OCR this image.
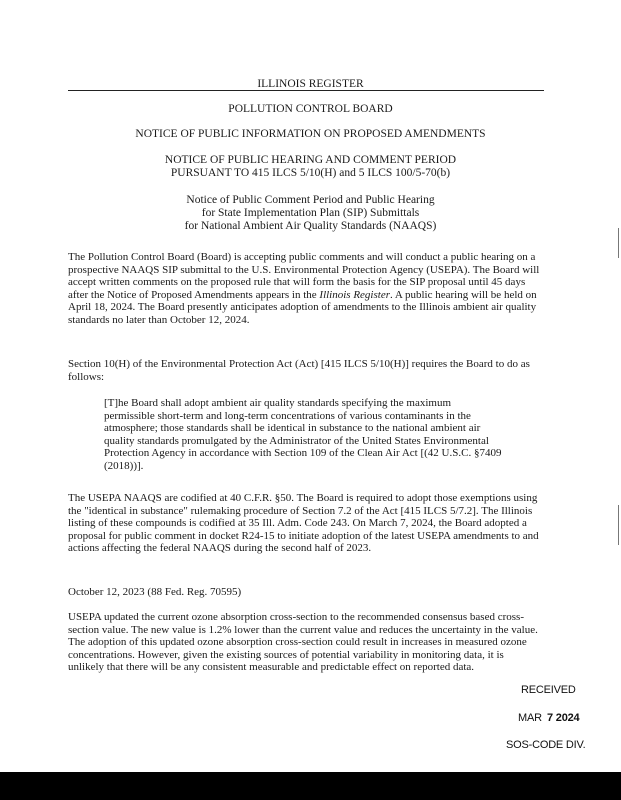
ILLINOIS REGISTER
POLLUTION CONTROL BOARD
NOTICE OF PUBLIC INFORMATION ON PROPOSED AMENDMENTS
NOTICE OF PUBLIC HEARING AND COMMENT PERIOD
PURSUANT TO 415 ILCS 5/10(H) and 5 ILCS 100/5-70(b)
Notice of Public Comment Period and Public Hearing
for State Implementation Plan (SIP) Submittals
for National Ambient Air Quality Standards (NAAQS)

The Pollution Control Board (Board) is accepting public comments and will conduct a public hearing on a prospective NAAQS SIP submittal to the U.S. Environmental Protection Agency (USEPA). The Board will accept written comments on the proposed rule that will form the basis for the SIP proposal until 45 days after the Notice of Proposed Amendments appears in the Illinois Register. A public hearing will be held on April 18, 2024. The Board presently anticipates adoption of amendments to the Illinois ambient air quality standards no later than October 12, 2024.

Section 10(H) of the Environmental Protection Act (Act) [415 ILCS 5/10(H)] requires the Board to do as follows:

[T]he Board shall adopt ambient air quality standards specifying the maximum permissible short-term and long-term concentrations of various contaminants in the atmosphere; those standards shall be identical in substance to the national ambient air quality standards promulgated by the Administrator of the United States Environmental Protection Agency in accordance with Section 109 of the Clean Air Act [(42 U.S.C. §7409 (2018))].

The USEPA NAAQS are codified at 40 C.F.R. §50. The Board is required to adopt those exemptions using the "identical in substance" rulemaking procedure of Section 7.2 of the Act [415 ILCS 5/7.2]. The Illinois listing of these compounds is codified at 35 Ill. Adm. Code 243. On March 7, 2024, the Board adopted a proposal for public comment in docket R24-15 to initiate adoption of the latest USEPA amendments to and actions affecting the federal NAAQS during the second half of 2023.

October 12, 2023 (88 Fed. Reg. 70595)

USEPA updated the current ozone absorption cross-section to the recommended consensus based cross-section value. The new value is 1.2% lower than the current value and reduces the uncertainty in the value. The adoption of this updated ozone absorption cross-section could result in increases in measured ozone concentrations. However, given the existing sources of potential variability in monitoring data, it is unlikely that there will be any consistent measurable and predictable effect on reported data.

RECEIVED
MAR 7 2024
SOS-CODE DIV.
